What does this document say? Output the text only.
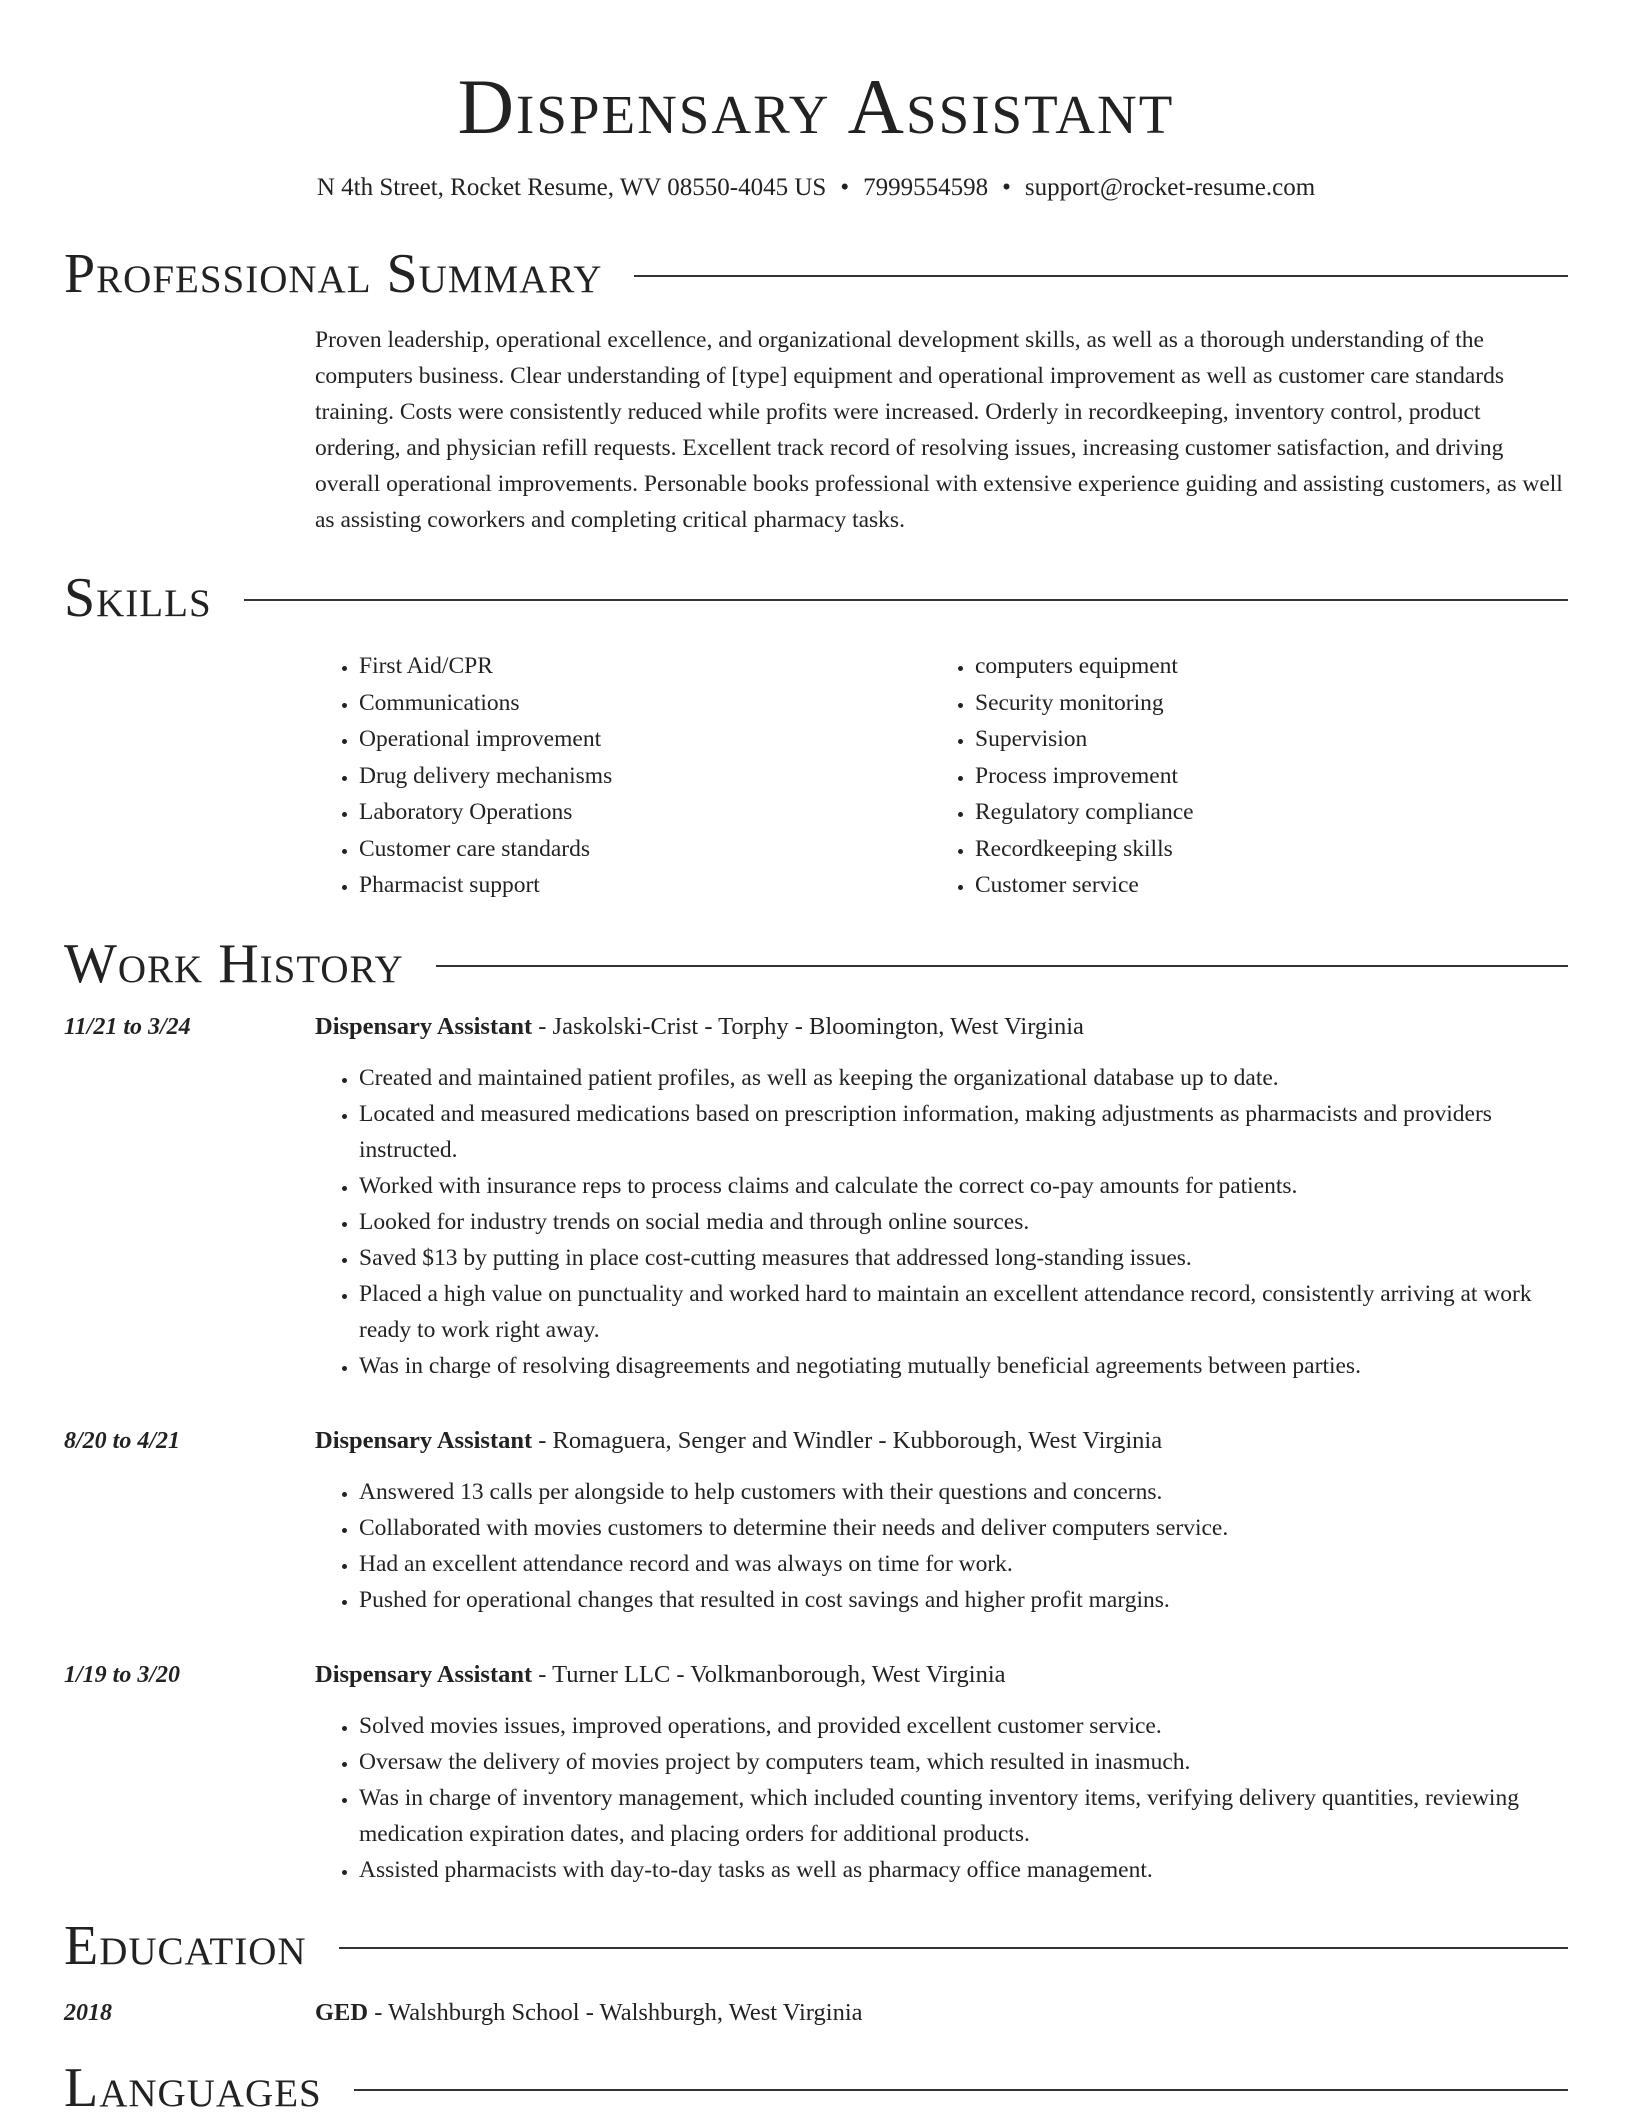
Dispensary Assistant
N 4th Street, Rocket Resume, WV 08550-4045 US • 7999554598 • support@rocket-resume.com
Professional Summary

Proven leadership, operational excellence, and organizational development skills, as well as a thorough understanding of the computers business. Clear understanding of [type] equipment and operational improvement as well as customer care standards training. Costs were consistently reduced while profits were increased. Orderly in recordkeeping, inventory control, product ordering, and physician refill requests. Excellent track record of resolving issues, increasing customer satisfaction, and driving overall operational improvements. Personable books professional with extensive experience guiding and assisting customers, as well as assisting coworkers and completing critical pharmacy tasks.

Skills
• First Aid/CPR
• Communications
• Operational improvement
• Drug delivery mechanisms
• Laboratory Operations
• Customer care standards
• Pharmacist support
• computers equipment
• Security monitoring
• Supervision
• Process improvement
• Regulatory compliance
• Recordkeeping skills
• Customer service
Work History
11/21 to 3/24	Dispensary Assistant - Jaskolski-Crist - Torphy - Bloomington, West Virginia
• Created and maintained patient profiles, as well as keeping the organizational database up to date.
• Located and measured medications based on prescription information, making adjustments as pharmacists and providers instructed.
• Worked with insurance reps to process claims and calculate the correct co-pay amounts for patients.
• Looked for industry trends on social media and through online sources.
• Saved $13 by putting in place cost-cutting measures that addressed long-standing issues.
• Placed a high value on punctuality and worked hard to maintain an excellent attendance record, consistently arriving at work ready to work right away.
• Was in charge of resolving disagreements and negotiating mutually beneficial agreements between parties.
8/20 to 4/21	Dispensary Assistant - Romaguera, Senger and Windler - Kubborough, West Virginia
• Answered 13 calls per alongside to help customers with their questions and concerns.
• Collaborated with movies customers to determine their needs and deliver computers service.
• Had an excellent attendance record and was always on time for work.
• Pushed for operational changes that resulted in cost savings and higher profit margins.
1/19 to 3/20	Dispensary Assistant - Turner LLC - Volkmanborough, West Virginia
• Solved movies issues, improved operations, and provided excellent customer service.
• Oversaw the delivery of movies project by computers team, which resulted in inasmuch.
• Was in charge of inventory management, which included counting inventory items, verifying delivery quantities, reviewing medication expiration dates, and placing orders for additional products.
• Assisted pharmacists with day-to-day tasks as well as pharmacy office management.
Education
2018	GED - Walshburgh School - Walshburgh, West Virginia
Languages
